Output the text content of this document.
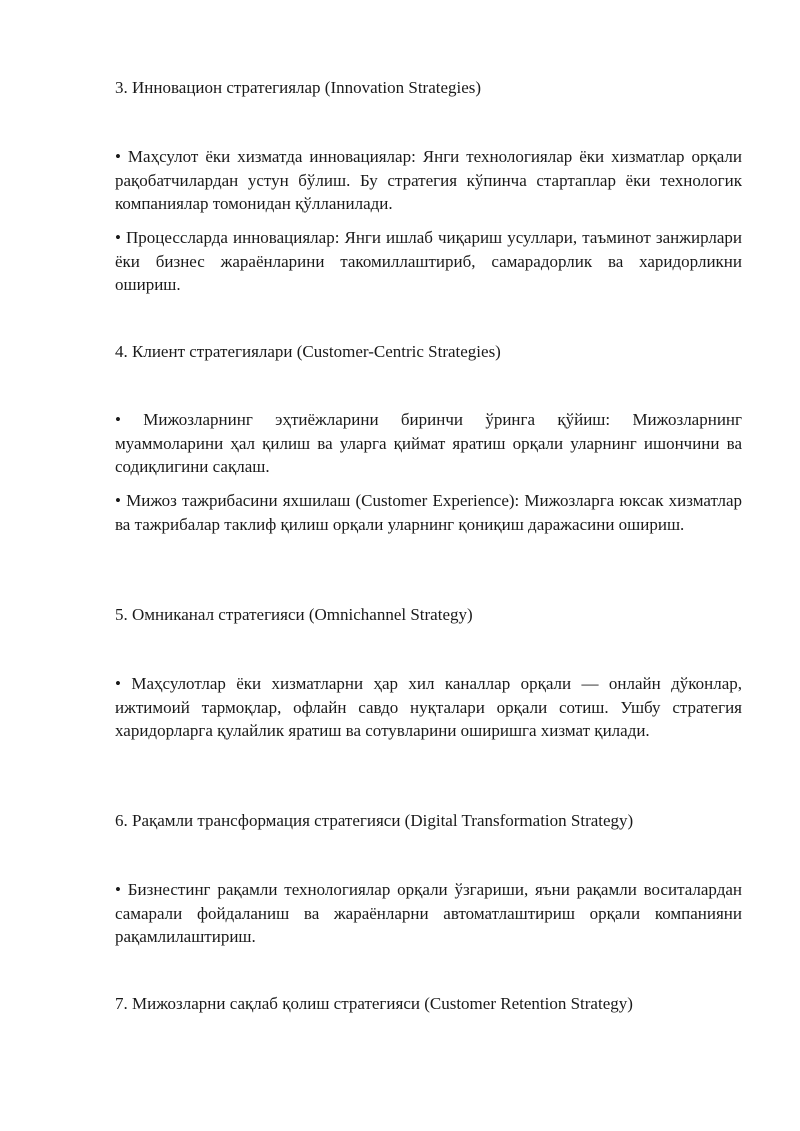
3. Инновацион стратегиялар (Innovation Strategies)
• Маҳсулот ёки хизматда инновациялар: Янги технологиялар ёки хизматлар орқали рақобатчилардан устун бўлиш. Бу стратегия кўпинча стартаплар ёки технологик компаниялар томонидан қўлланилади.
• Процессларда инновациялар: Янги ишлаб чиқариш усуллари, таъминот занжирлари ёки бизнес жараёнларини такомиллаштириб, самарадорлик ва харидорликни ошириш.
4. Клиент стратегиялари (Customer-Centric Strategies)
• Мижозларнинг эҳтиёжларини биринчи ўринга қўйиш: Мижозларнинг муаммоларини ҳал қилиш ва уларга қиймат яратиш орқали уларнинг ишончини ва содиқлигини сақлаш.
• Мижоз тажрибасини яхшилаш (Customer Experience): Мижозларга юксак хизматлар ва тажрибалар таклиф қилиш орқали уларнинг қониқиш даражасини ошириш.
5. Омниканал стратегияси (Omnichannel Strategy)
• Маҳсулотлар ёки хизматларни ҳар хил каналлар орқали — онлайн дўконлар, ижтимоий тармоқлар, офлайн савдо нуқталари орқали сотиш. Ушбу стратегия харидорларга қулайлик яратиш ва сотувларини оширишга хизмат қилади.
6. Рақамли трансформация стратегияси (Digital Transformation Strategy)
• Бизнестинг рақамли технологиялар орқали ўзгариши, яъни рақамли воситалардан самарали фойдаланиш ва жараёнларни автоматлаштириш орқали компанияни рақамлилаштириш.
7. Мижозларни сақлаб қолиш стратегияси (Customer Retention Strategy)
